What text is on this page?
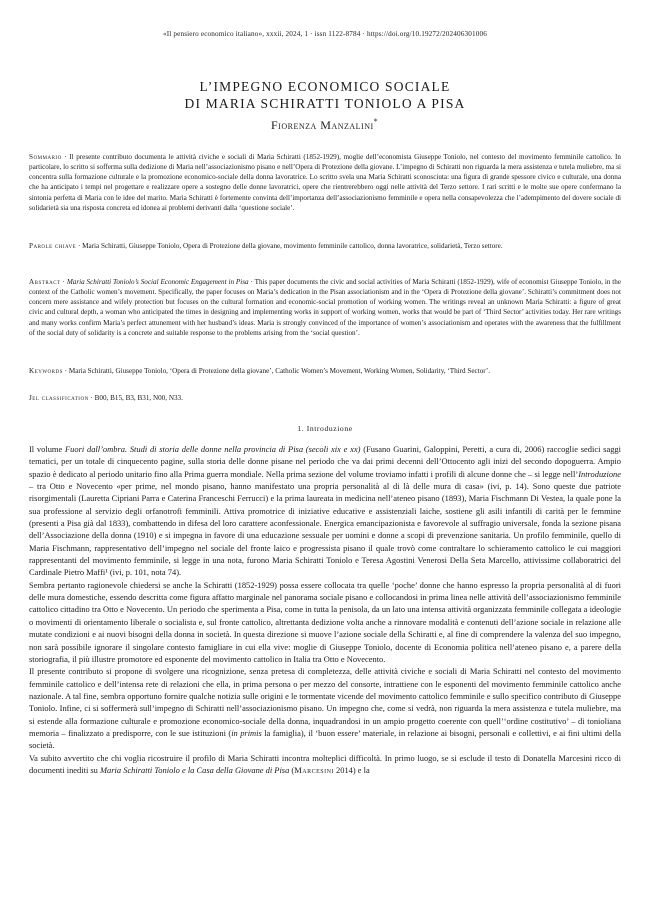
«Il pensiero economico italiano», xxxii, 2024, 1 · issn 1122-8784 · https://doi.org/10.19272/202406301006
L’IMPEGNO ECONOMICO SOCIALE
DI MARIA SCHIRATTI TONIOLO A PISA
Fiorenza Manzalini*
Sommario · Il presente contributo documenta le attività civiche e sociali di Maria Schiratti (1852-1929), moglie dell’economista Giuseppe Toniolo, nel contesto del movimento femminile cattolico. In particolare, lo scritto si sofferma sulla dedizione di Maria nell’associazionismo pisano e nell’Opera di Protezione della giovane. L’impegno di Schiratti non riguarda la mera assistenza e tutela muliebre, ma si concentra sulla formazione culturale e la promozione economico-sociale della donna lavoratrice. Lo scritto svela una Maria Schiratti sconosciuta: una figura di grande spessore civico e culturale, una donna che ha anticipato i tempi nel progettare e realizzare opere a sostegno delle donne lavoratrici, opere che rientrerebbero oggi nelle attività del Terzo settore. I rari scritti e le molte sue opere confermano la sintonia perfetta di Maria con le idee del marito. Maria Schiratti è fortemente convinta dell’importanza dell’associazionismo femminile e opera nella consapevolezza che l’adempimento del dovere sociale di solidarietà sia una risposta concreta ed idonea ai problemi derivanti dalla ‘questione sociale’.
Parole chiave · Maria Schiratti, Giuseppe Toniolo, Opera di Protezione della giovane, movimento femminile cattolico, donna lavoratrice, solidarietà, Terzo settore.
Abstract · Maria Schiratti Toniolo’s Social Economic Engagement in Pisa · This paper documents the civic and social activities of Maria Schiratti (1852-1929), wife of economist Giuseppe Toniolo, in the context of the Catholic women’s movement. Specifically, the paper focuses on Maria’s dedication in the Pisan associationism and in the ‘Opera di Protezione della giovane’. Schiratti’s commitment does not concern mere assistance and wifely protection but focuses on the cultural formation and economic-social promotion of working women. The writings reveal an unknown Maria Schiratti: a figure of great civic and cultural depth, a woman who anticipated the times in designing and implementing works in support of working women, works that would be part of ‘Third Sector’ activities today. Her rare writings and many works confirm Maria’s perfect attunement with her husband’s ideas. Maria is strongly convinced of the importance of women’s associationism and operates with the awareness that the fulfillment of the social duty of solidarity is a concrete and suitable response to the problems arising from the ‘social question’.
Keywords · Maria Schiratti, Giuseppe Toniolo, ‘Opera di Protezione della giovane’, Catholic Women’s Movement, Working Women, Solidarity, ‘Third Sector’.
Jel classification · B00, B15, B3, B31, N00, N33.
1. Introduzione

Il volume Fuori dall’ombra. Studi di storia delle donne nella provincia di Pisa (secoli xix e xx) (Fusano Guarini, Galoppini, Peretti, a cura di, 2006) raccoglie sedici saggi tematici, per un totale di cinquecento pagine, sulla storia delle donne pisane nel periodo che va dai primi decenni dell’Ottocento agli inizi del secondo dopoguerra. Ampio spazio è dedicato al periodo unitario fino alla Prima guerra mondiale. Nella prima sezione del volume troviamo infatti i profili di alcune donne che – si legge nell’Introduzione – tra Otto e Novecento «per prime, nel mondo pisano, hanno manifestato una propria personalità al di là delle mura di casa» (ivi, p. 14). Sono queste due patriote risorgimentali (Lauretta Cipriani Parra e Caterina Franceschi Ferrucci) e la prima laureata in medicina nell’ateneo pisano (1893), Maria Fischmann Di Vestea, la quale pone la sua professione al servizio degli orfanotrofi femminili. Attiva promotrice di iniziative educative e assistenziali laiche, sostiene gli asili infantili di carità per le femmine (presenti a Pisa già dal 1833), combattendo in difesa del loro carattere aconfessionale. Energica emancipazionista e favorevole al suffragio universale, fonda la sezione pisana dell’Associazione della donna (1910) e si impegna in favore di una educazione sessuale per uomini e donne a scopi di prevenzione sanitaria. Un profilo femminile, quello di Maria Fischmann, rappresentativo dell’impegno nel sociale del fronte laico e progressista pisano il quale trovò come contraltare lo schieramento cattolico le cui maggiori rappresentanti del movimento femminile, si legge in una nota, furono Maria Schiratti Toniolo e Teresa Agostini Venerosi Della Seta Marcello, attivissime collaboratrici del Cardinale Pietro Maffi¹ (ivi, p. 101, nota 74).

Sembra pertanto ragionevole chiedersi se anche la Schiratti (1852-1929) possa essere collocata tra quelle ‘poche’ donne che hanno espresso la propria personalità al di fuori delle mura domestiche, essendo descritta come figura affatto marginale nel panorama sociale pisano e collocandosi in prima linea nelle attività dell’associazionismo femminile cattolico cittadino tra Otto e Novecento. Un periodo che sperimenta a Pisa, come in tutta la penisola, da un lato una intensa attività organizzata femminile collegata a ideologie o movimenti di orientamento liberale o socialista e, sul fronte cattolico, altrettanta dedizione volta anche a rinnovare modalità e contenuti dell’azione sociale in relazione alle mutate condizioni e ai nuovi bisogni della donna in società. In questa direzione si muove l’azione sociale della Schiratti e, al fine di comprendere la valenza del suo impegno, non sarà possibile ignorare il singolare contesto famigliare in cui ella vive: moglie di Giuseppe Toniolo, docente di Economia politica nell’ateneo pisano e, a parere della storiografia, il più illustre promotore ed esponente del movimento cattolico in Italia tra Otto e Novecento.

Il presente contributo si propone di svolgere una ricognizione, senza pretesa di completezza, delle attività civiche e sociali di Maria Schiratti nel contesto del movimento femminile cattolico e dell’intensa rete di relazioni che ella, in prima persona o per mezzo del consorte, intrattiene con le esponenti del movimento femminile cattolico anche nazionale. A tal fine, sembra opportuno fornire qualche notizia sulle origini e le tormentate vicende del movimento cattolico femminile e sullo specifico contributo di Giuseppe Toniolo. Infine, ci si soffermerà sull’impegno di Schiratti nell’associazionismo pisano. Un impegno che, come si vedrà, non riguarda la mera assistenza e tutela muliebre, ma si estende alla formazione culturale e promozione economico-sociale della donna, inquadrandosi in un ampio progetto coerente con quell’‘ordine costitutivo’ – di tonioliana memoria – finalizzato a predisporre, con le sue istituzioni (in primis la famiglia), il ‘buon essere’ materiale, in relazione ai bisogni, personali e collettivi, e ai fini ultimi della società.

Va subito avvertito che chi voglia ricostruire il profilo di Maria Schiratti incontra molteplici difficoltà. In primo luogo, se si esclude il testo di Donatella Marcesini ricco di documenti inediti su Maria Schiratti Toniolo e la Casa della Giovane di Pisa (Marcesini 2014) e la
